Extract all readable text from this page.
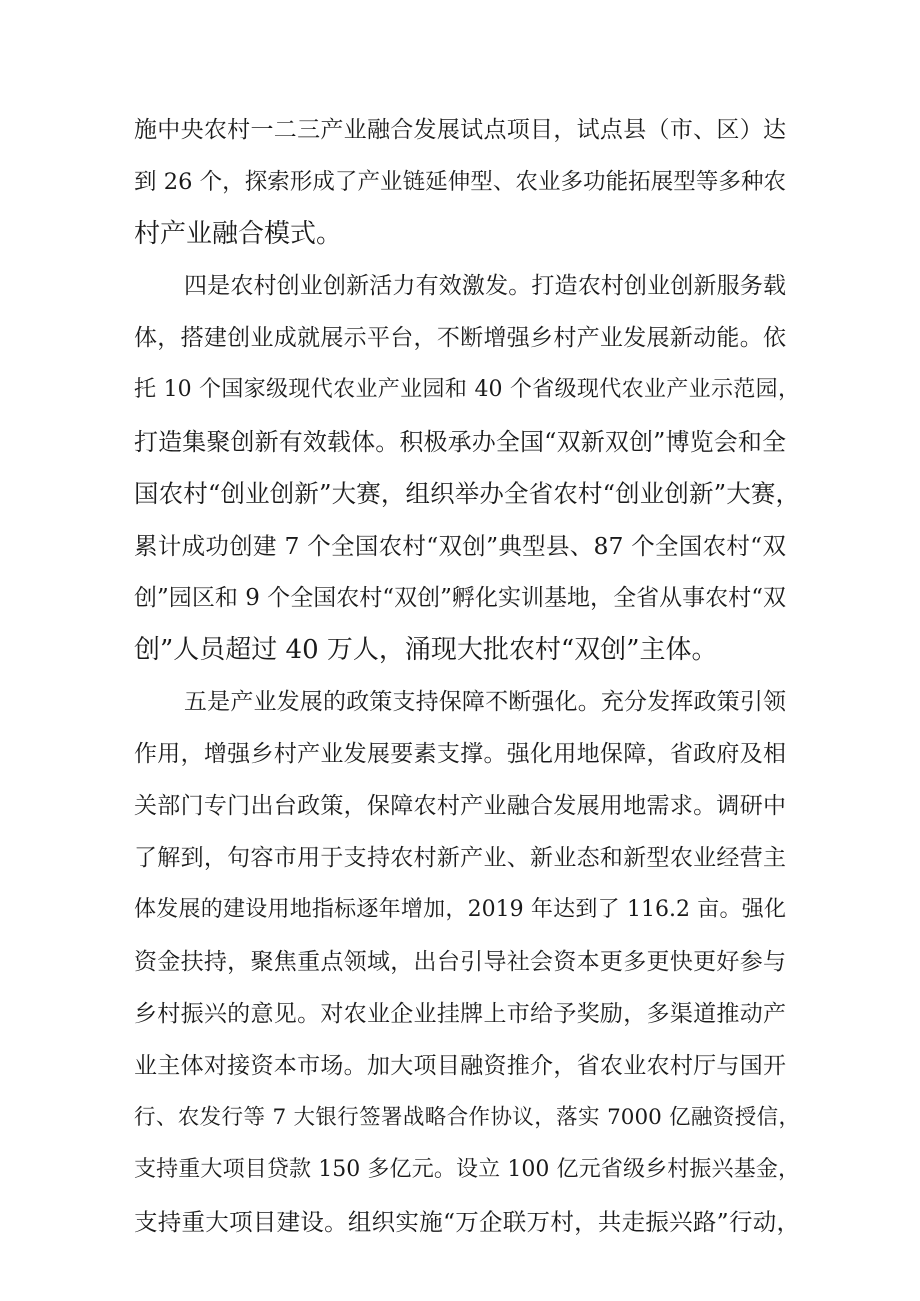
施中央农村一二三产业融合发展试点项目，试点县（市、区）达
到 26 个，探索形成了产业链延伸型、农业多功能拓展型等多种农
村产业融合模式。
四是农村创业创新活力有效激发。打造农村创业创新服务载
体，搭建创业成就展示平台，不断增强乡村产业发展新动能。依
托 10 个国家级现代农业产业园和 40 个省级现代农业产业示范园，
打造集聚创新有效载体。积极承办全国“双新双创”博览会和全
国农村“创业创新”大赛，组织举办全省农村“创业创新”大赛，
累计成功创建 7 个全国农村“双创”典型县、87 个全国农村“双
创”园区和 9 个全国农村“双创”孵化实训基地，全省从事农村“双
创”人员超过 40 万人，涌现大批农村“双创”主体。
五是产业发展的政策支持保障不断强化。充分发挥政策引领
作用，增强乡村产业发展要素支撑。强化用地保障，省政府及相
关部门专门出台政策，保障农村产业融合发展用地需求。调研中
了解到，句容市用于支持农村新产业、新业态和新型农业经营主
体发展的建设用地指标逐年增加，2019 年达到了 116.2 亩。强化
资金扶持，聚焦重点领域，出台引导社会资本更多更快更好参与
乡村振兴的意见。对农业企业挂牌上市给予奖励，多渠道推动产
业主体对接资本市场。加大项目融资推介，省农业农村厅与国开
行、农发行等 7 大银行签署战略合作协议，落实 7000 亿融资授信，
支持重大项目贷款 150 多亿元。设立 100 亿元省级乡村振兴基金，
支持重大项目建设。组织实施“万企联万村，共走振兴路”行动，
